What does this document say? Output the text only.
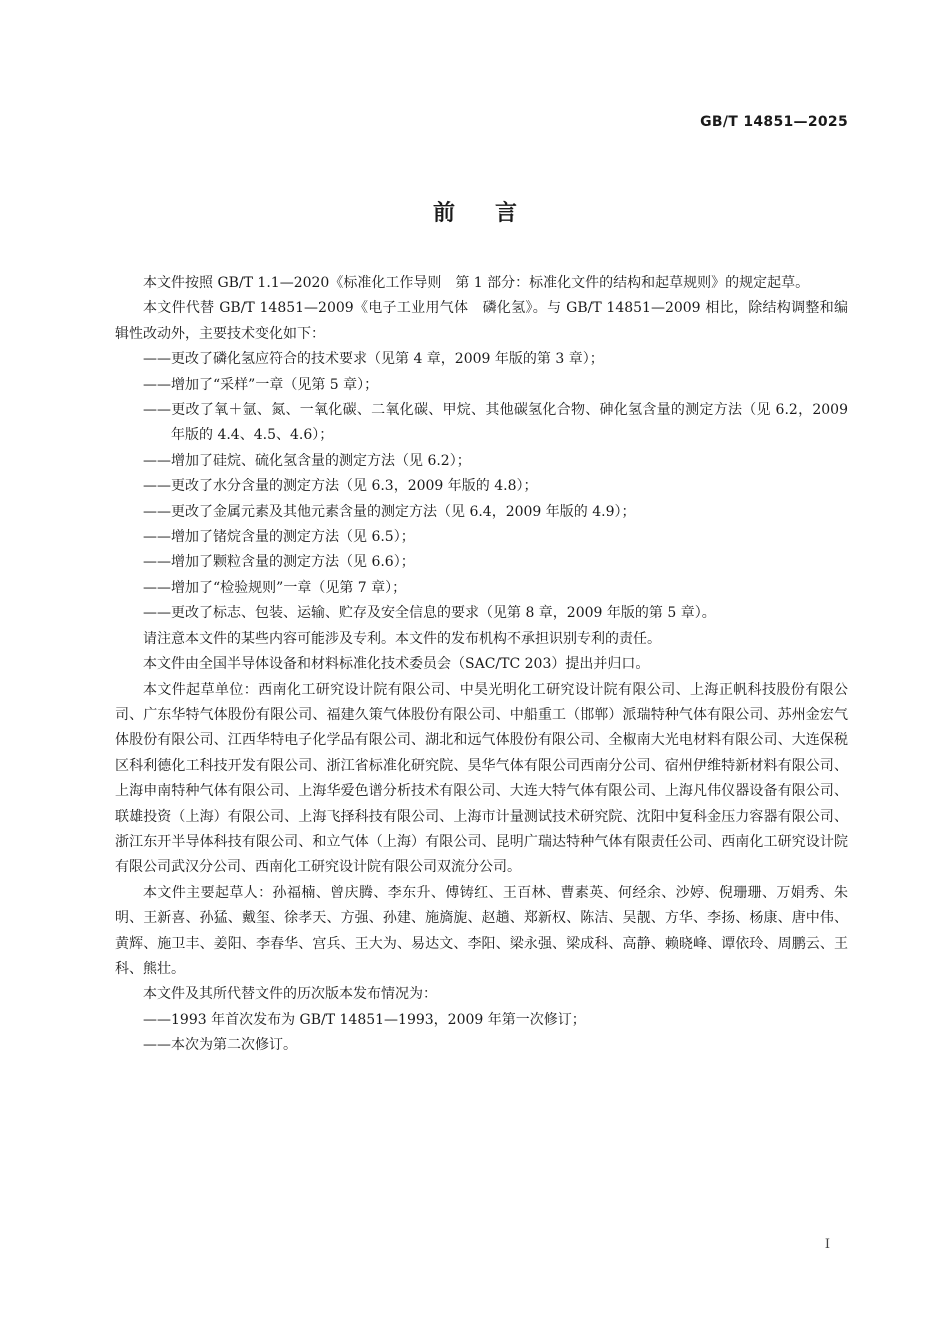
GB/T 14851—2025
前言

本文件按照 GB/T 1.1—2020《标准化工作导则　第 1 部分：标准化文件的结构和起草规则》的规定起草。

本文件代替 GB/T 14851—2009《电子工业用气体　磷化氢》。与 GB/T 14851—2009 相比，除结构调整和编辑性改动外，主要技术变化如下：

——更改了磷化氢应符合的技术要求（见第 4 章，2009 年版的第 3 章）；

——增加了“采样”一章（见第 5 章）；

——更改了氧＋氩、氮、一氧化碳、二氧化碳、甲烷、其他碳氢化合物、砷化氢含量的测定方法（见 6.2，2009 年版的 4.4、4.5、4.6）；

——增加了硅烷、硫化氢含量的测定方法（见 6.2）；

——更改了水分含量的测定方法（见 6.3，2009 年版的 4.8）；

——更改了金属元素及其他元素含量的测定方法（见 6.4，2009 年版的 4.9）；

——增加了锗烷含量的测定方法（见 6.5）；

——增加了颗粒含量的测定方法（见 6.6）；

——增加了“检验规则”一章（见第 7 章）；

——更改了标志、包装、运输、贮存及安全信息的要求（见第 8 章，2009 年版的第 5 章）。

请注意本文件的某些内容可能涉及专利。本文件的发布机构不承担识别专利的责任。

本文件由全国半导体设备和材料标准化技术委员会（SAC/TC 203）提出并归口。

本文件起草单位：西南化工研究设计院有限公司、中昊光明化工研究设计院有限公司、上海正帆科技股份有限公司、广东华特气体股份有限公司、福建久策气体股份有限公司、中船重工（邯郸）派瑞特种气体有限公司、苏州金宏气体股份有限公司、江西华特电子化学品有限公司、湖北和远气体股份有限公司、全椒南大光电材料有限公司、大连保税区科利德化工科技开发有限公司、浙江省标准化研究院、昊华气体有限公司西南分公司、宿州伊维特新材料有限公司、上海申南特种气体有限公司、上海华爱色谱分析技术有限公司、大连大特气体有限公司、上海凡伟仪器设备有限公司、联雄投资（上海）有限公司、上海飞择科技有限公司、上海市计量测试技术研究院、沈阳中复科金压力容器有限公司、浙江东开半导体科技有限公司、和立气体（上海）有限公司、昆明广瑞达特种气体有限责任公司、西南化工研究设计院有限公司武汉分公司、西南化工研究设计院有限公司双流分公司。

本文件主要起草人：孙福楠、曾庆腾、李东升、傅铸红、王百林、曹素英、何经余、沙婷、倪珊珊、万娟秀、朱明、王新喜、孙猛、戴玺、徐孝天、方强、孙建、施旖旎、赵趟、郑新权、陈洁、吴靓、方华、李扬、杨康、唐中伟、黄辉、施卫丰、姜阳、李春华、宫兵、王大为、易达文、李阳、梁永强、梁成科、高静、赖晓峰、谭依玲、周鹏云、王科、熊壮。

本文件及其所代替文件的历次版本发布情况为：

——1993 年首次发布为 GB/T 14851—1993，2009 年第一次修订；

——本次为第二次修订。

I
